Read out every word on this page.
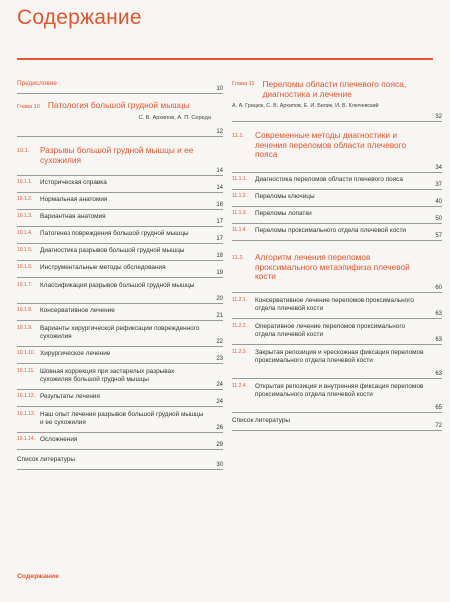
Содержание
Предисловие
10
Глава 10 Патология большой грудной мышцы
С. В. Архипов, А. П. Середа
12
10.1.	Разрывы большой грудной мышцы и ее сухожилия
14
10.1.1.	Историческая справка
14
10.1.2.	Нормальная анатомия
16
10.1.3.	Вариантная анатомия
17
10.1.4.	Патогенез повреждения большой грудной мышцы
17
10.1.5.	Диагностика разрывов большой грудной мышцы
18
10.1.6.	Инструментальные методы обследования
19
10.1.7.	Классификация разрывов большой грудной мышцы
20
10.1.8.	Консервативное лечение
21
10.1.9.	Варианты хирургической рефиксации поврежденного сухожилия
22
10.1.10. Хирургическое лечение
23
10.1.11. Шовная коррекция при застарелых разрывах сухожилия большой грудной мышцы
24
10.1.12. Результаты лечения
24
10.1.13. Наш опыт лечения разрывов большой грудной мышцы и ее сухожилия
26
10.1.14. Осложнения
29
Список литературы
30
Глава 11 Переломы области плечевого пояса, диагностика и лечение
А. А. Грицюк, С. В. Архипов, Е. И. Белик, И. В. Ключевский
32
11.1.	Современные методы диагностики и лечения переломов области плечевого пояса
34
11.1.1.	Диагностика переломов области плечевого пояса
37
11.1.2.	Переломы ключицы
40
11.1.3.	Переломы лопатки
50
11.1.4.	Переломы проксимального отдела плечевой кости
57
11.2.	Алгоритм лечения переломов проксимального метаэпифиза плечевой кости
60
11.2.1.	Консервативное лечение переломов проксимального отдела плечевой кости
63
11.2.2.	Оперативное лечение переломов проксимального отдела плечевой кости
63
11.2.3.	Закрытая репозиция и чрескожная фиксация переломов проксимального отдела плечевой кости
63
11.2.4.	Открытая репозиция и внутренняя фиксация переломов проксимального отдела плечевой кости
65
Список литературы
72
Содержание
